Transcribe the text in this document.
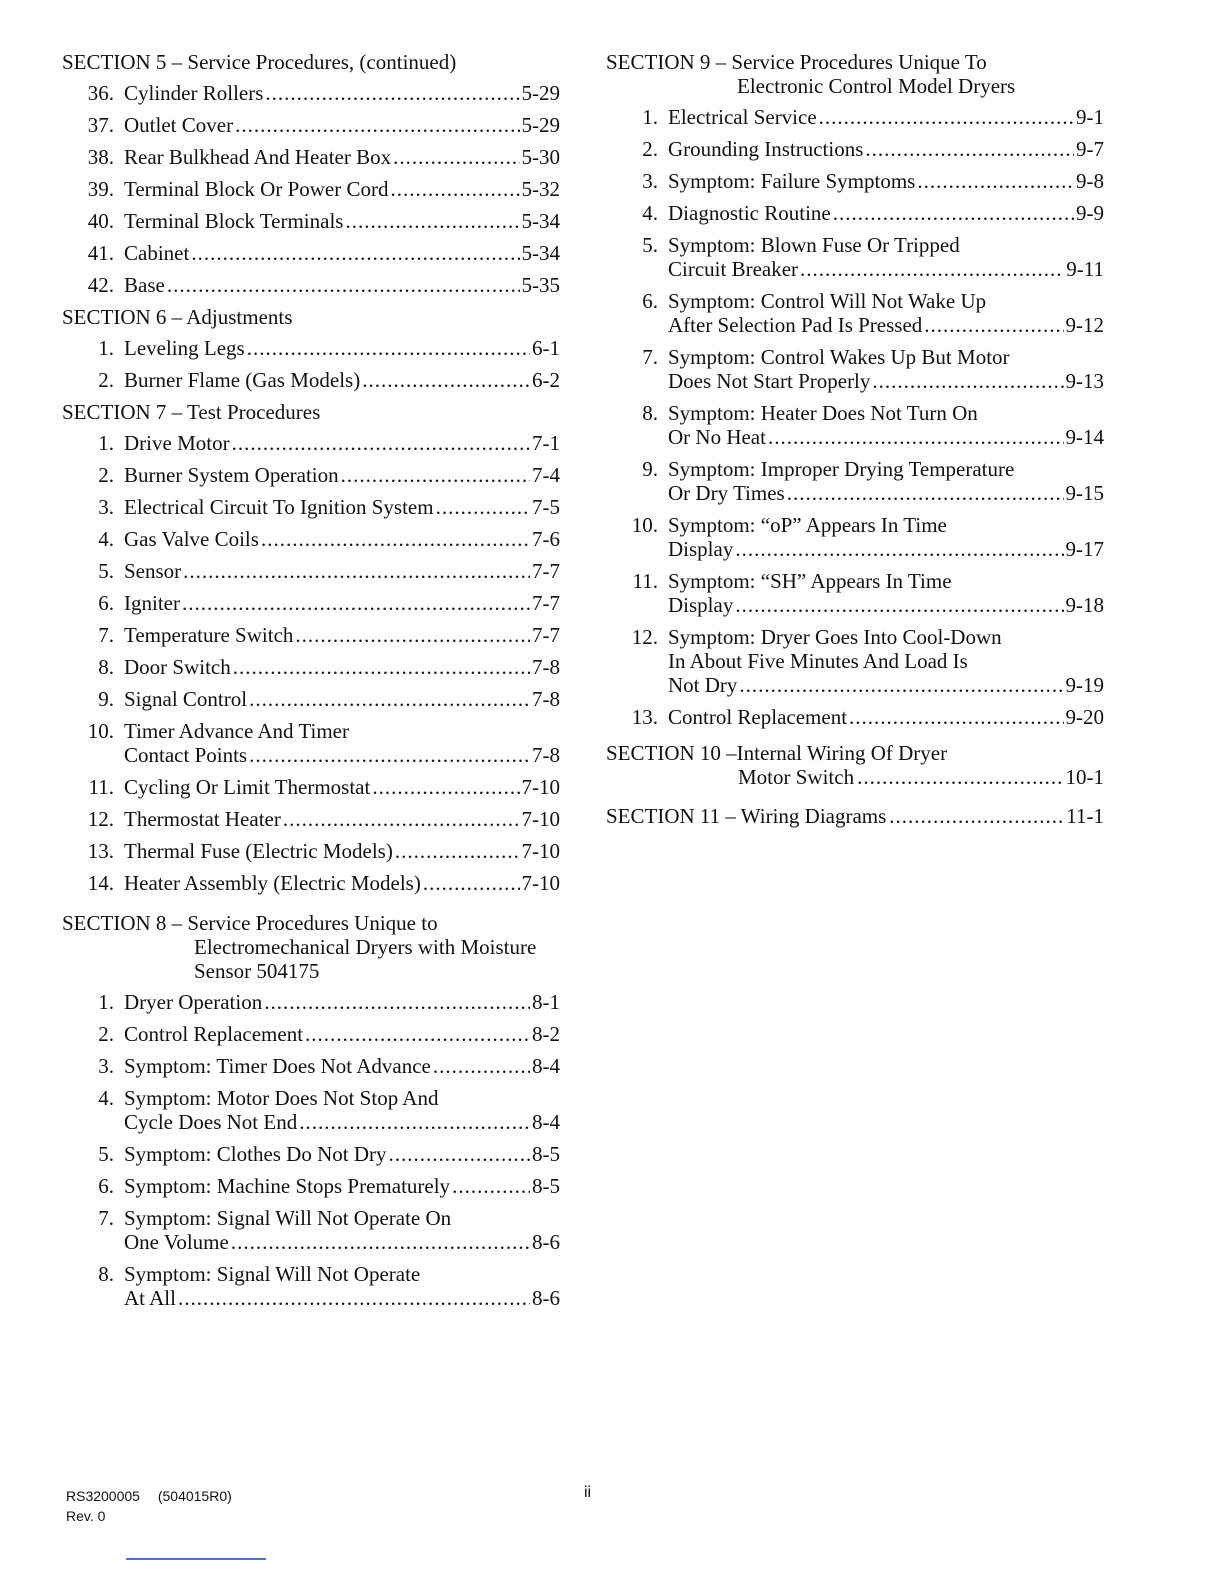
SECTION 5 – Service Procedures, (continued)
36. Cylinder Rollers .....	5-29
37. Outlet Cover .....	5-29
38. Rear Bulkhead And Heater Box .....	5-30
39. Terminal Block Or Power Cord .....	5-32
40. Terminal Block Terminals .....	5-34
41. Cabinet .....	5-34
42. Base .....	5-35
SECTION 6 – Adjustments
1. Leveling Legs .....	6-1
2. Burner Flame (Gas Models) .....	6-2
SECTION 7 – Test Procedures
1. Drive Motor .....	7-1
2. Burner System Operation .....	7-4
3. Electrical Circuit To Ignition System .....	7-5
4. Gas Valve Coils .....	7-6
5. Sensor .....	7-7
6. Igniter .....	7-7
7. Temperature Switch .....	7-7
8. Door Switch .....	7-8
9. Signal Control .....	7-8
10. Timer Advance And Timer
Contact Points .....	7-8
11. Cycling Or Limit Thermostat .....	7-10
12. Thermostat Heater .....	7-10
13. Thermal Fuse (Electric Models) .....	7-10
14. Heater Assembly (Electric Models) .....	7-10
SECTION 8 – Service Procedures Unique to
Electromechanical Dryers with Moisture
Sensor 504175
1. Dryer Operation .....	8-1
2. Control Replacement .....	8-2
3. Symptom: Timer Does Not Advance .....	8-4
4. Symptom: Motor Does Not Stop And
Cycle Does Not End .....	8-4
5. Symptom: Clothes Do Not Dry .....	8-5
6. Symptom: Machine Stops Prematurely .....	8-5
7. Symptom: Signal Will Not Operate On
One Volume .....	8-6
8. Symptom: Signal Will Not Operate
At All .....	8-6
SECTION 9 – Service Procedures Unique To
Electronic Control Model Dryers
1. Electrical Service .....	9-1
2. Grounding Instructions .....	9-7
3. Symptom: Failure Symptoms .....	9-8
4. Diagnostic Routine .....	9-9
5. Symptom: Blown Fuse Or Tripped
Circuit Breaker .....	9-11
6. Symptom: Control Will Not Wake Up
After Selection Pad Is Pressed .....	9-12
7. Symptom: Control Wakes Up But Motor
Does Not Start Properly .....	9-13
8. Symptom: Heater Does Not Turn On
Or No Heat .....	9-14
9. Symptom: Improper Drying Temperature
Or Dry Times .....	9-15
10. Symptom: “oP” Appears In Time
Display .....	9-17
11. Symptom: “SH” Appears In Time
Display .....	9-18
12. Symptom: Dryer Goes Into Cool-Down
In About Five Minutes And Load Is
Not Dry .....	9-19
13. Control Replacement .....	9-20
SECTION 10 –Internal Wiring Of Dryer
Motor Switch .....	10-1
SECTION 11 – Wiring Diagrams .....	11-1
RS3200005 (504015R0)
Rev. 0
ii
